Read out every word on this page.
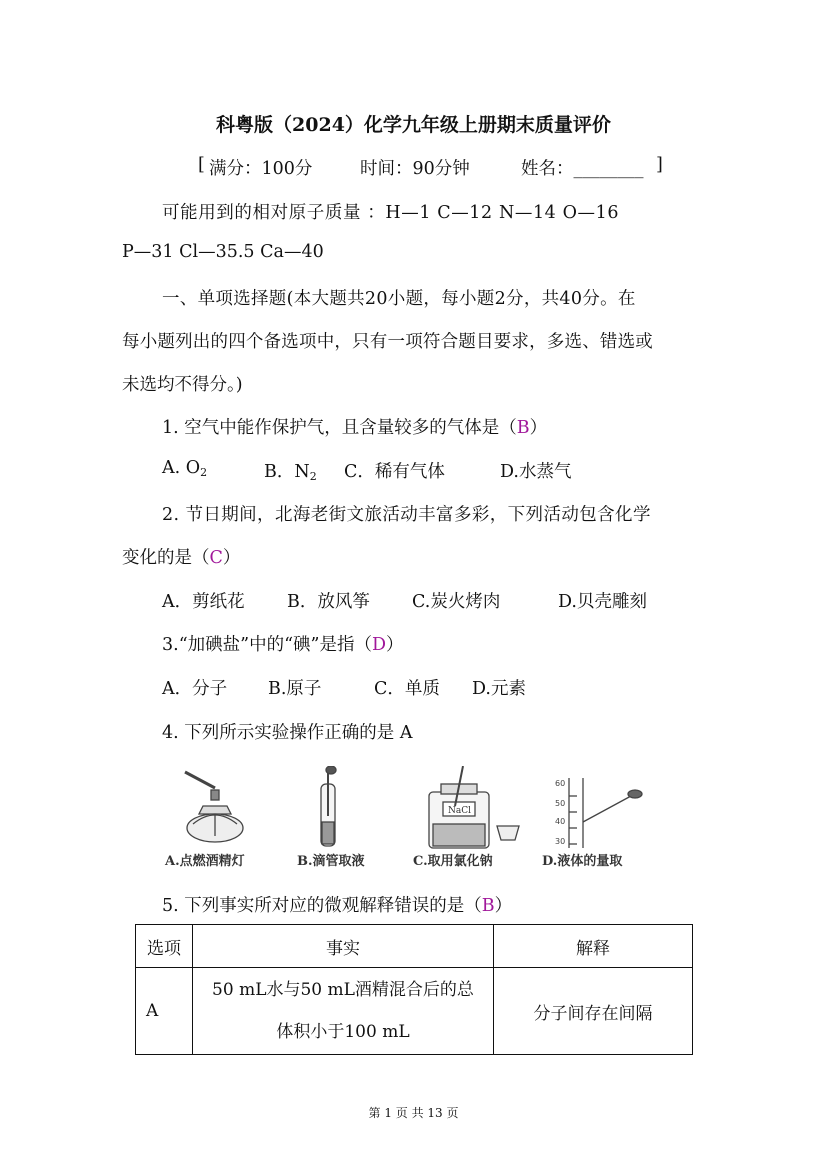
科粤版（2024）化学九年级上册期末质量评价
[ 满分：100分	时间：90分钟	姓名：________ ]
可能用到的相对原子质量 ：H—1 C—12 N—14 O—16
P—31 Cl—35.5 Ca—40
一、单项选择题(本大题共20小题，每小题2分，共40分。在
每小题列出的四个备选项中，只有一项符合题目要求，多选、错选或
未选均不得分。)
1. 空气中能作保护气，且含量较多的气体是（B）
A. $O_2$	B．$N_2$ C．稀有气体	D.水蒸气
2. 节日期间，北海老街文旅活动丰富多彩，下列活动包含化学
变化的是（C）
A．剪纸花 B．放风筝 C.炭火烤肉	D.贝壳雕刻
3.“加碘盐”中的“碘”是指（D）
A．分子 B.原子	C．单质 D.元素
4. 下列所示实验操作正确的是 A
NaCl
60
50
40
30
A.点燃酒精灯	B.滴管取液	C.取用氯化钠	D.液体的量取
5. 下列事实所对应的微观解释错误的是（B）
选项	事实	解释
A	50 mL水与50 mL酒精混合后的总
体积小于100 mL	分子间存在间隔
第 1 页 共 13 页
